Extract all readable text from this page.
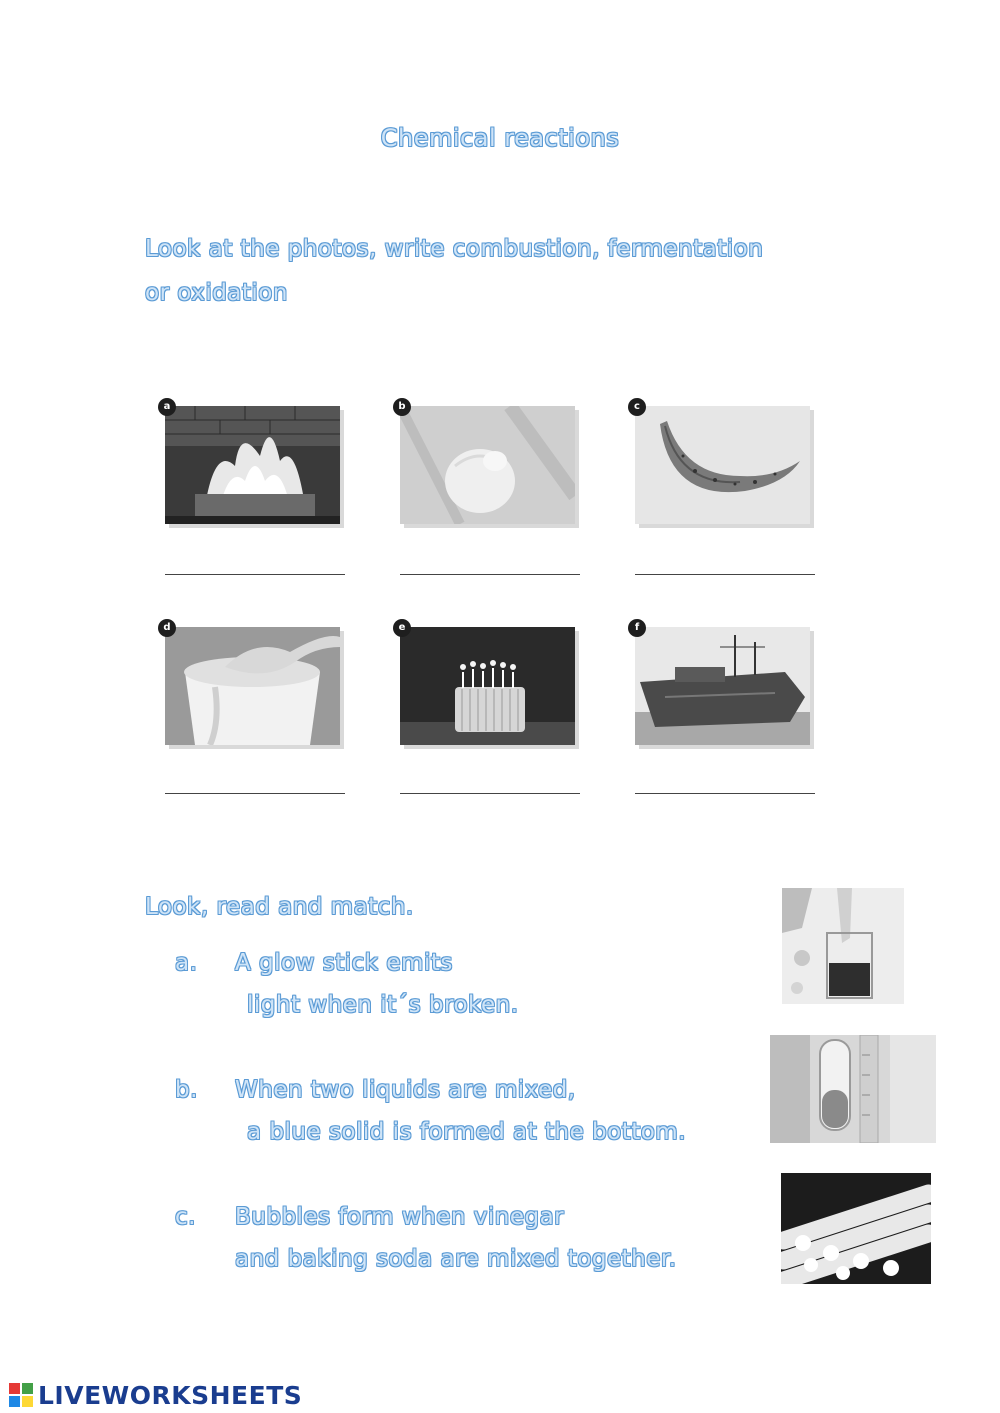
Chemical reactions
Look at the photos, write combustion, fermentation
or oxidation
a	b	c
d	e	f
Look, read and match.
a. A glow stick emits
light when it´s broken.
b. When two liquids are mixed,
a blue solid is formed at the bottom.
c. Bubbles form when vinegar
and baking soda are mixed together.
LIVEWORKSHEETS
